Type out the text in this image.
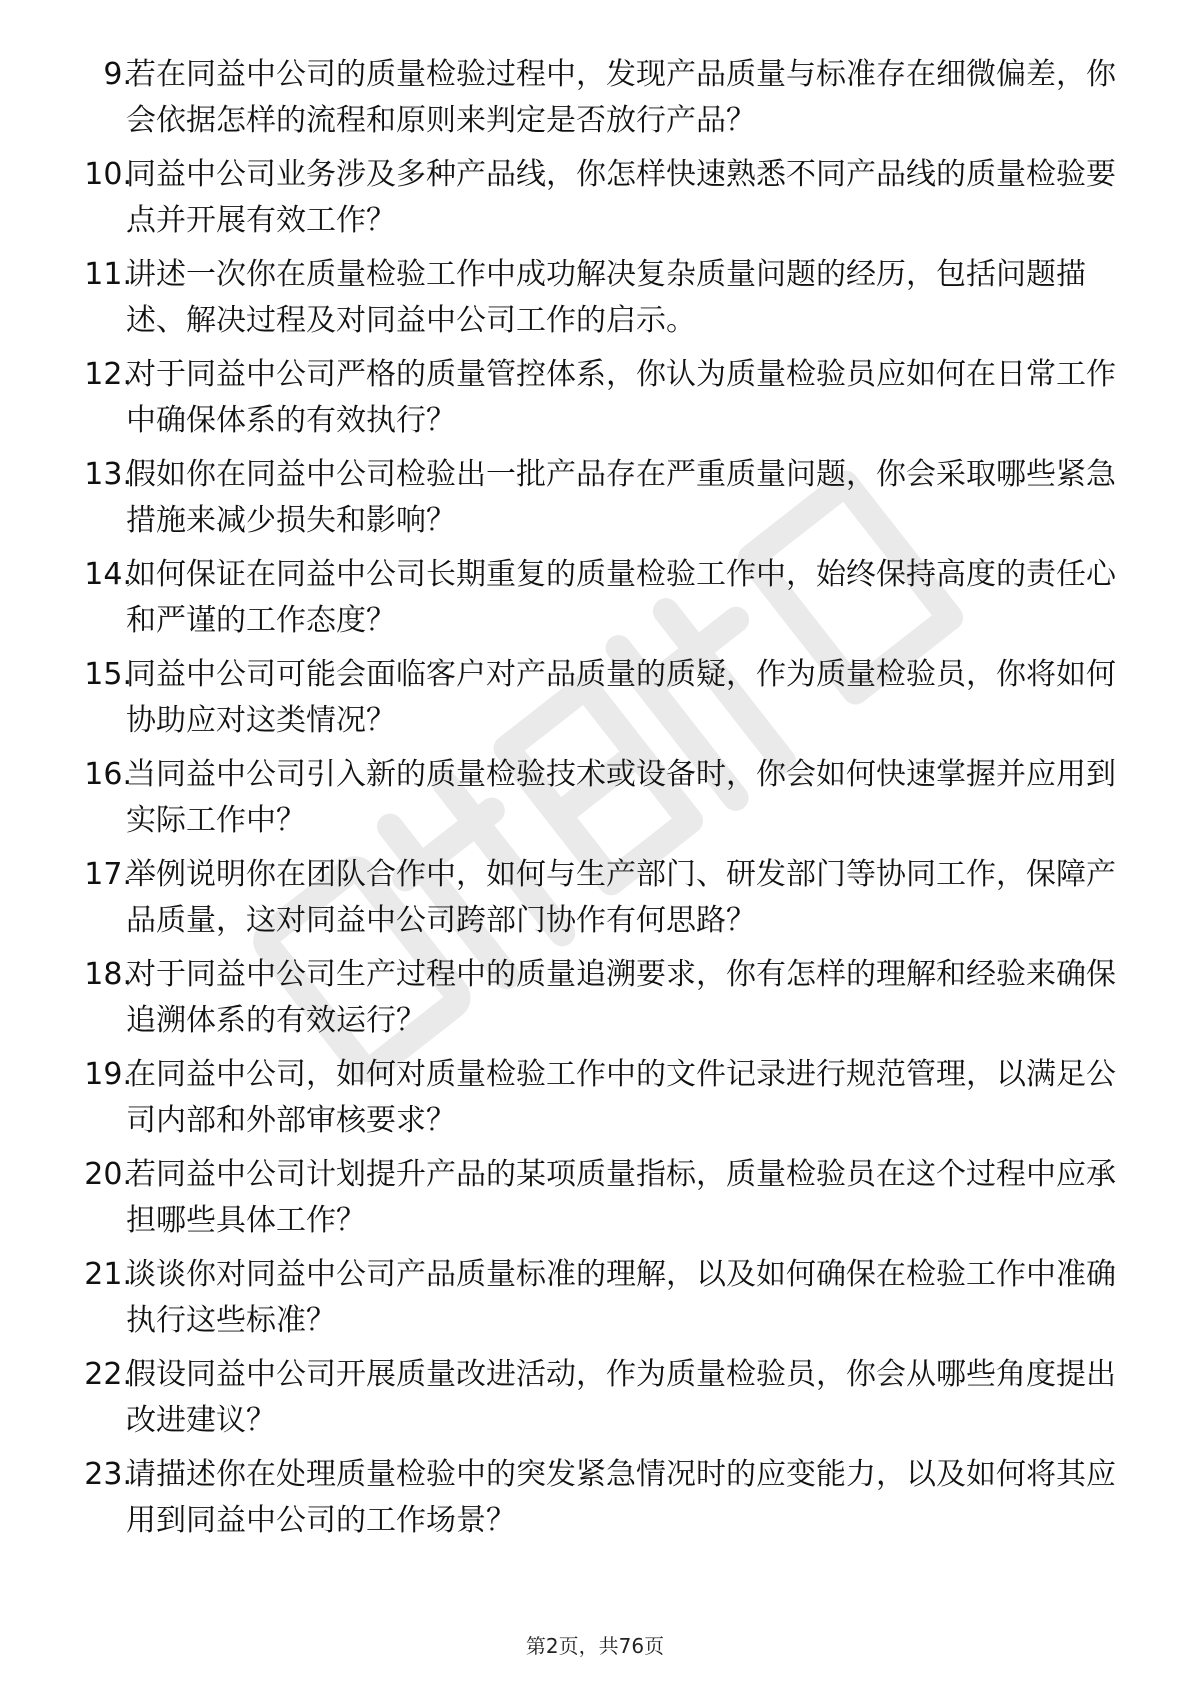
9.
若在同益中公司的质量检验过程中，发现产品质量与标准存在细微偏差，你会依据怎样的流程和原则来判定是否放行产品？
10.
同益中公司业务涉及多种产品线，你怎样快速熟悉不同产品线的质量检验要点并开展有效工作？
11.
讲述一次你在质量检验工作中成功解决复杂质量问题的经历，包括问题描述、解决过程及对同益中公司工作的启示。
12.
对于同益中公司严格的质量管控体系，你认为质量检验员应如何在日常工作中确保体系的有效执行？
13.
假如你在同益中公司检验出一批产品存在严重质量问题，你会采取哪些紧急措施来减少损失和影响？
14.
如何保证在同益中公司长期重复的质量检验工作中，始终保持高度的责任心和严谨的工作态度？
15.
同益中公司可能会面临客户对产品质量的质疑，作为质量检验员，你将如何协助应对这类情况？
16.
当同益中公司引入新的质量检验技术或设备时，你会如何快速掌握并应用到实际工作中？
17.
举例说明你在团队合作中，如何与生产部门、研发部门等协同工作，保障产品质量，这对同益中公司跨部门协作有何思路？
18.
对于同益中公司生产过程中的质量追溯要求，你有怎样的理解和经验来确保追溯体系的有效运行？
19.
在同益中公司，如何对质量检验工作中的文件记录进行规范管理，以满足公司内部和外部审核要求？
20.
若同益中公司计划提升产品的某项质量指标，质量检验员在这个过程中应承担哪些具体工作？
21.
谈谈你对同益中公司产品质量标准的理解，以及如何确保在检验工作中准确执行这些标准？
22.
假设同益中公司开展质量改进活动，作为质量检验员，你会从哪些角度提出改进建议？
23.
请描述你在处理质量检验中的突发紧急情况时的应变能力，以及如何将其应用到同益中公司的工作场景？
第2页，共76页
